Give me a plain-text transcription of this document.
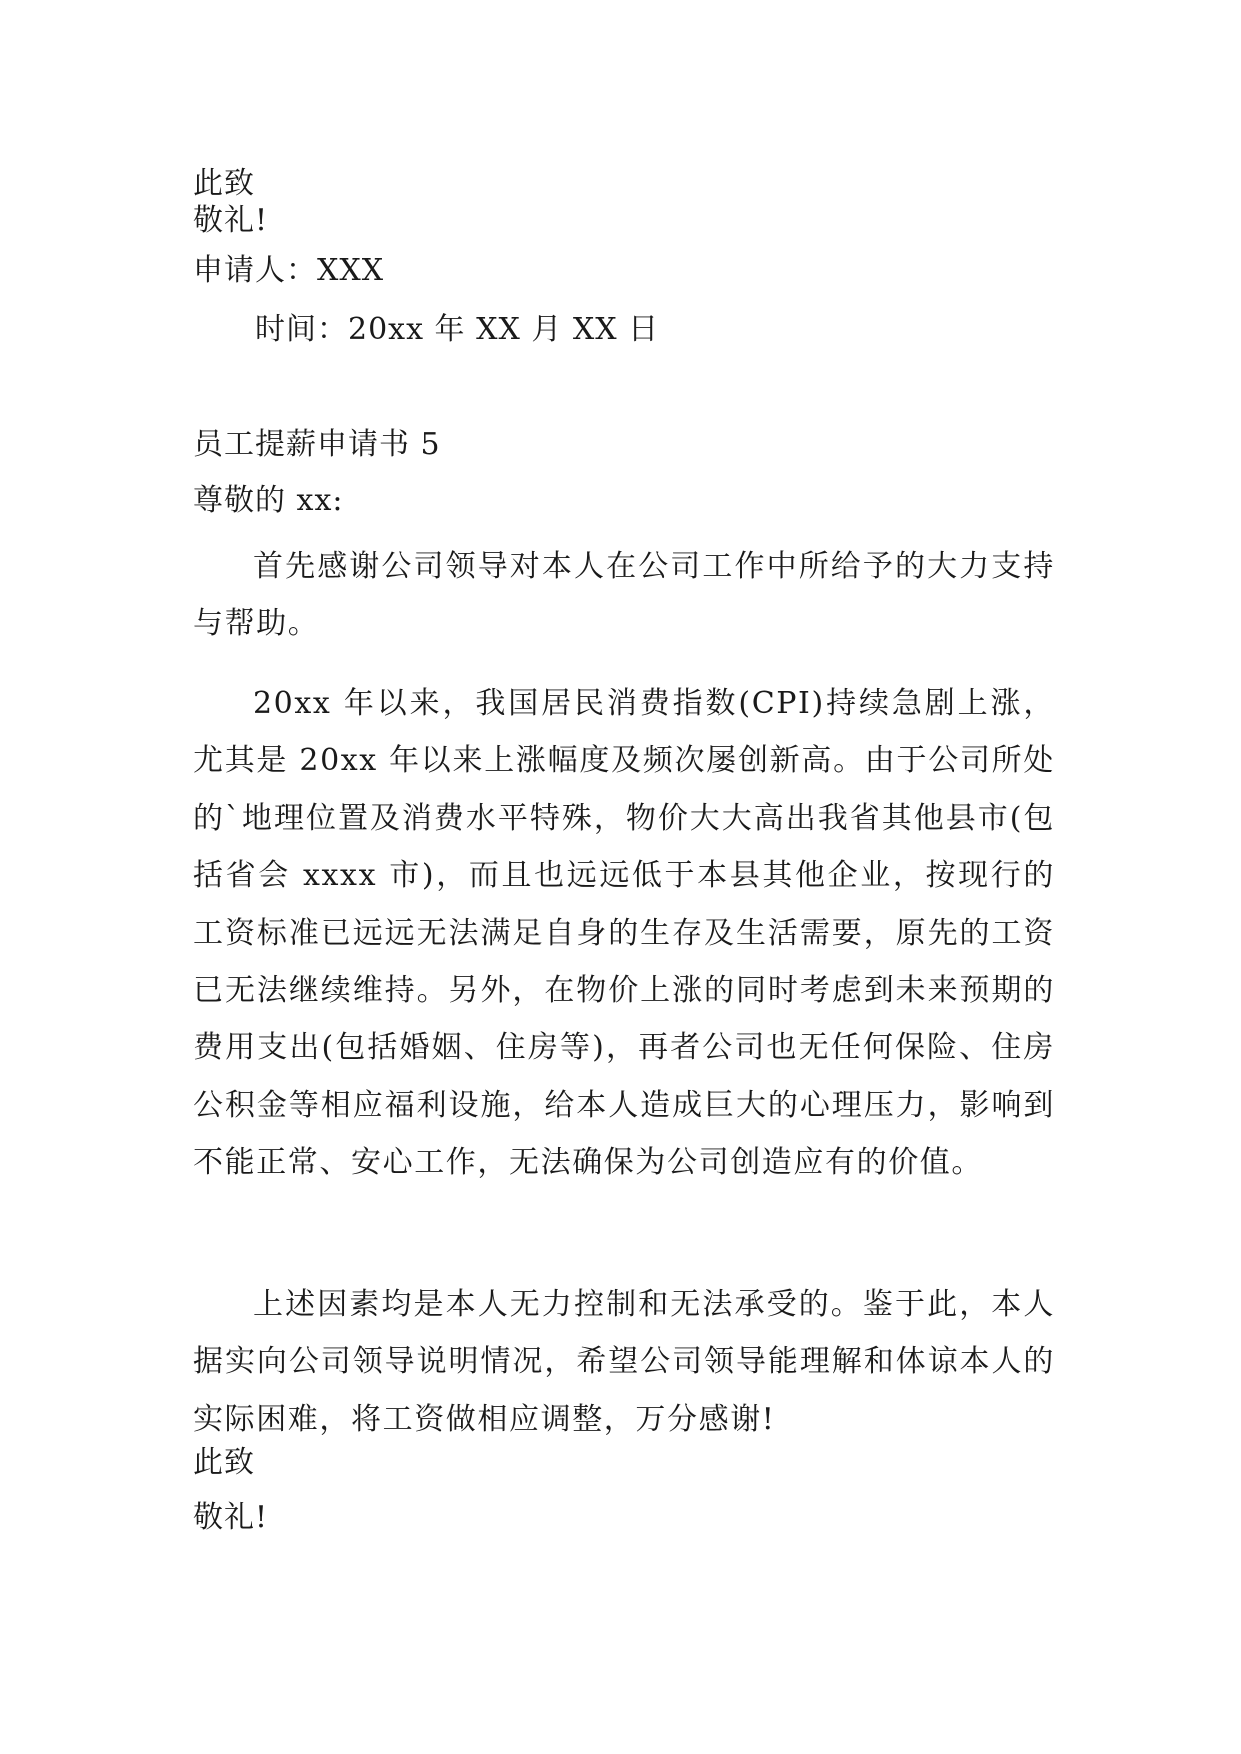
此致
敬礼!
申请人：XXX
时间：20xx 年 XX 月 XX 日
员工提薪申请书 5
尊敬的 xx:
首先感谢公司领导对本人在公司工作中所给予的大力支持与帮助。
20xx 年以来，我国居民消费指数(CPI)持续急剧上涨，尤其是 20xx 年以来上涨幅度及频次屡创新高。由于公司所处的`地理位置及消费水平特殊，物价大大高出我省其他县市(包括省会 xxxx 市)，而且也远远低于本县其他企业，按现行的工资标准已远远无法满足自身的生存及生活需要，原先的工资已无法继续维持。另外，在物价上涨的同时考虑到未来预期的费用支出(包括婚姻、住房等)，再者公司也无任何保险、住房公积金等相应福利设施，给本人造成巨大的心理压力，影响到不能正常、安心工作，无法确保为公司创造应有的价值。
上述因素均是本人无力控制和无法承受的。鉴于此，本人据实向公司领导说明情况，希望公司领导能理解和体谅本人的实际困难，将工资做相应调整，万分感谢!
此致
敬礼!
